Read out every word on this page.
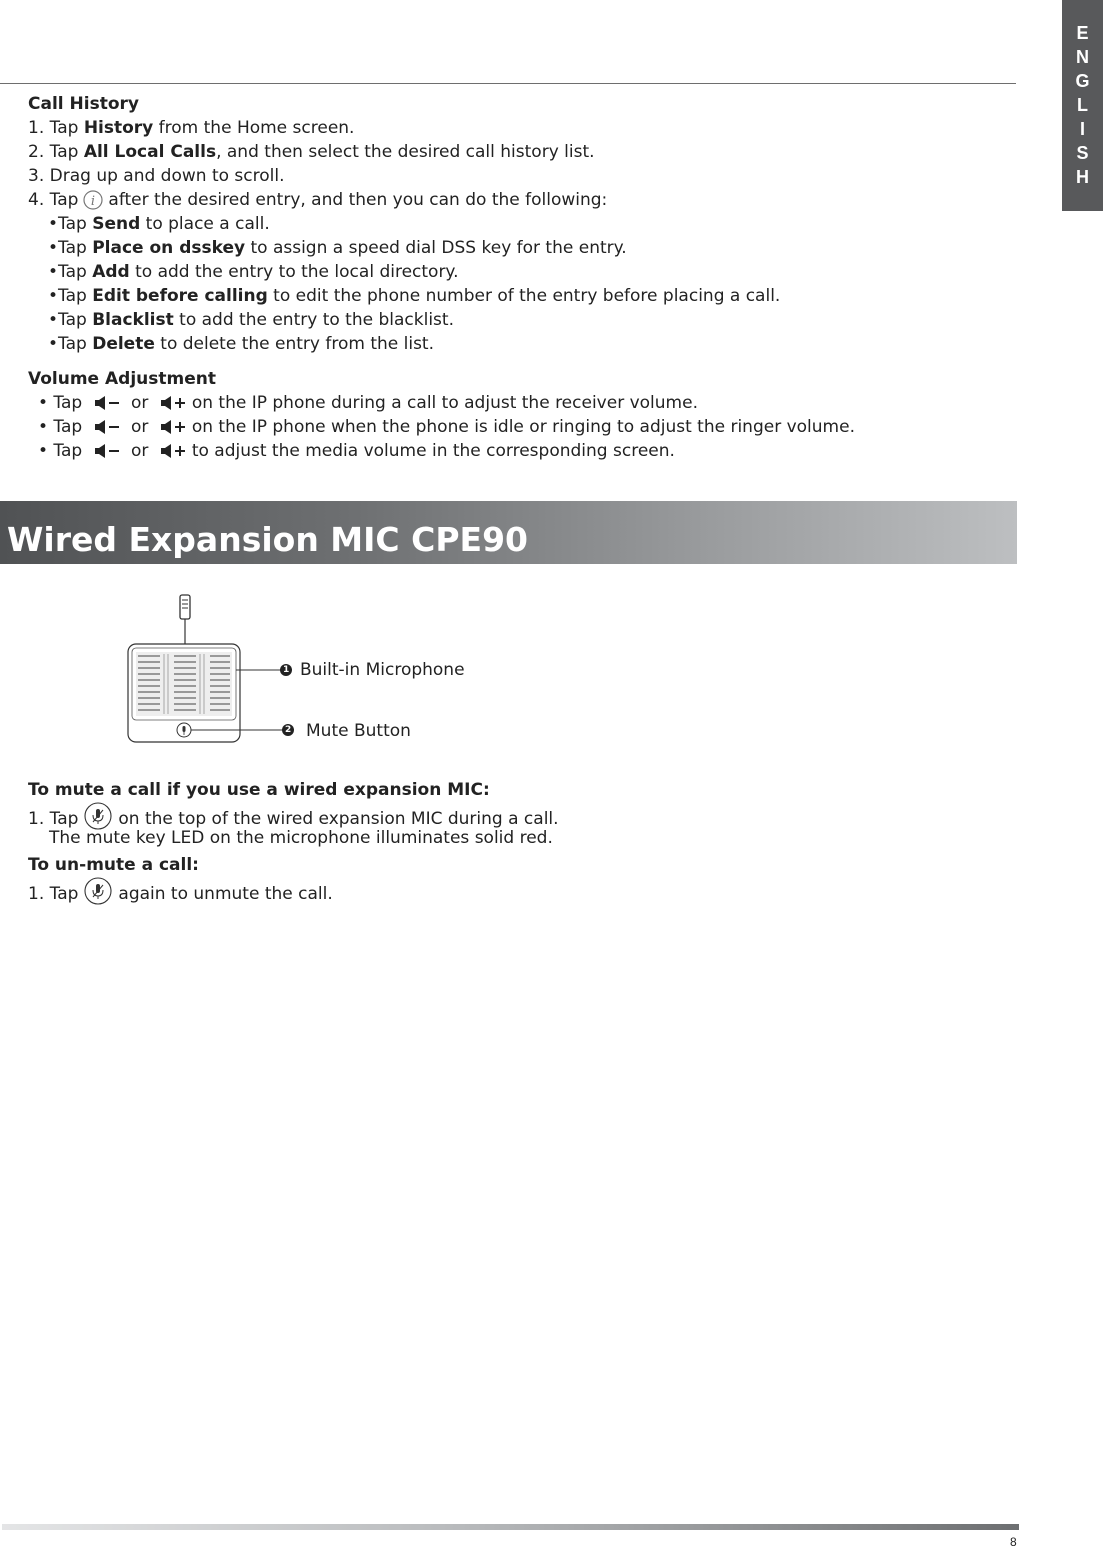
E
N
G
L
I
S
H
Call History
1. Tap History from the Home screen.
2. Tap All Local Calls, and then select the desired call history list.
3. Drag up and down to scroll.
4. Tap i after the desired entry, and then you can do the following:
•Tap Send to place a call.
•Tap Place on dsskey to assign a speed dial DSS key for the entry.
•Tap Add to add the entry to the local directory.
•Tap Edit before calling to edit the phone number of the entry before placing a call.
•Tap Blacklist to add the entry to the blacklist.
•Tap Delete to delete the entry from the list.
Volume Adjustment
• Tap	or	on the IP phone during a call to adjust the receiver volume.
• Tap	or	on the IP phone when the phone is idle or ringing to adjust the ringer volume.
• Tap	or	to adjust the media volume in the corresponding screen.
Wired Expansion MIC CPE90
1
2
Built-in Microphone
Mute Button
To mute a call if you use a wired expansion MIC:
1. Tap on the top of the wired expansion MIC during a call.
The mute key LED on the microphone illuminates solid red.
To un-mute a call:
1. Tap again to unmute the call.
8
